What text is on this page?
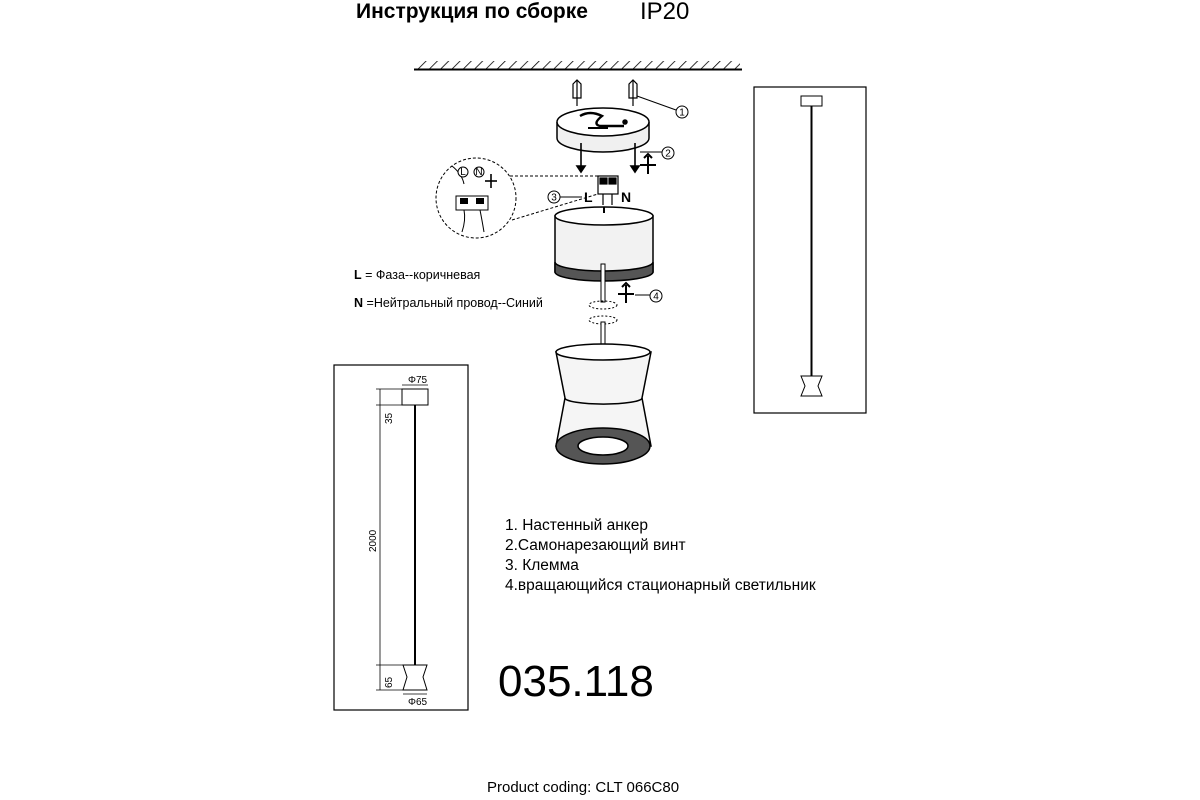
Инструкция по сборке IP20
1
2
L N
3
L N
4
Φ75
35
2000
65
Φ65
L = Фаза--коричневая
N =Нейтральный провод--Синий
1. Настенный анкер
2.Самонарезающий винт
3. Клемма
4.вращающийся стационарный светильник
035.118
Product coding: CLT 066C80
